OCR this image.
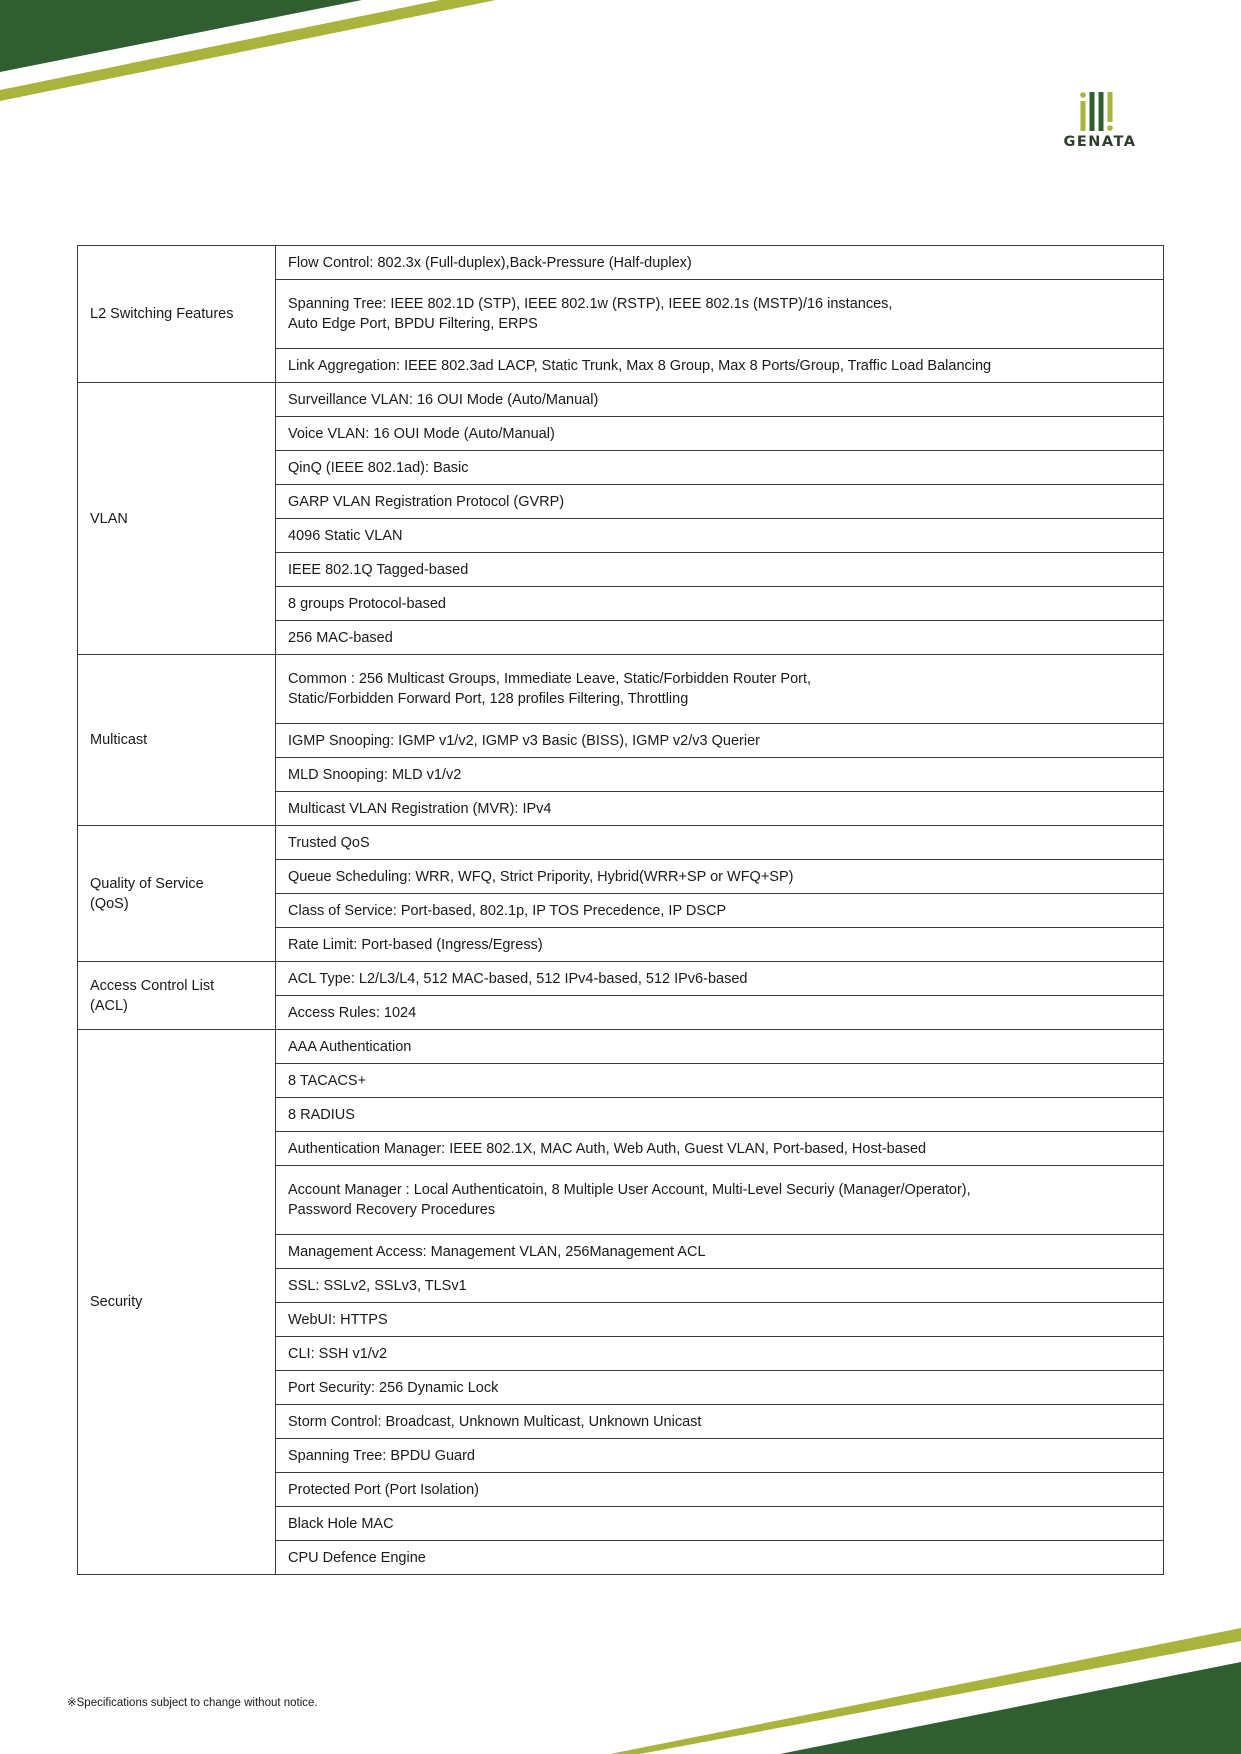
GENATA
L2 Switching Features	Flow Control: 802.3x (Full-duplex),Back-Pressure (Half-duplex)
	Spanning Tree: IEEE 802.1D (STP), IEEE 802.1w (RSTP), IEEE 802.1s (MSTP)/16 instances,
Auto Edge Port, BPDU Filtering, ERPS
	Link Aggregation: IEEE 802.3ad LACP, Static Trunk, Max 8 Group, Max 8 Ports/Group, Traffic Load Balancing
VLAN	Surveillance VLAN: 16 OUI Mode (Auto/Manual)
	Voice VLAN: 16 OUI Mode (Auto/Manual)
	QinQ (IEEE 802.1ad): Basic
	GARP VLAN Registration Protocol (GVRP)
	4096 Static VLAN
	IEEE 802.1Q Tagged-based
	8 groups Protocol-based
	256 MAC-based
Multicast	Common : 256 Multicast Groups, Immediate Leave, Static/Forbidden Router Port,
Static/Forbidden Forward Port, 128 profiles Filtering, Throttling
	IGMP Snooping: IGMP v1/v2, IGMP v3 Basic (BISS), IGMP v2/v3 Querier
	MLD Snooping: MLD v1/v2
	Multicast VLAN Registration (MVR): IPv4
Quality of Service
(QoS)	Trusted QoS
	Queue Scheduling: WRR, WFQ, Strict Pripority, Hybrid(WRR+SP or WFQ+SP)
	Class of Service: Port-based, 802.1p, IP TOS Precedence, IP DSCP
	Rate Limit: Port-based (Ingress/Egress)
Access Control List
(ACL)	ACL Type: L2/L3/L4, 512 MAC-based, 512 IPv4-based, 512 IPv6-based
	Access Rules: 1024
Security	AAA Authentication
	8 TACACS+
	8 RADIUS
	Authentication Manager: IEEE 802.1X, MAC Auth, Web Auth, Guest VLAN, Port-based, Host-based
	Account Manager : Local Authenticatoin, 8 Multiple User Account, Multi-Level Securiy (Manager/Operator),
Password Recovery Procedures
	Management Access: Management VLAN, 256Management ACL
	SSL: SSLv2, SSLv3, TLSv1
	WebUI: HTTPS
	CLI: SSH v1/v2
	Port Security: 256 Dynamic Lock
	Storm Control: Broadcast, Unknown Multicast, Unknown Unicast
	Spanning Tree: BPDU Guard
	Protected Port (Port Isolation)
	Black Hole MAC
	CPU Defence Engine
※Specifications subject to change without notice.
